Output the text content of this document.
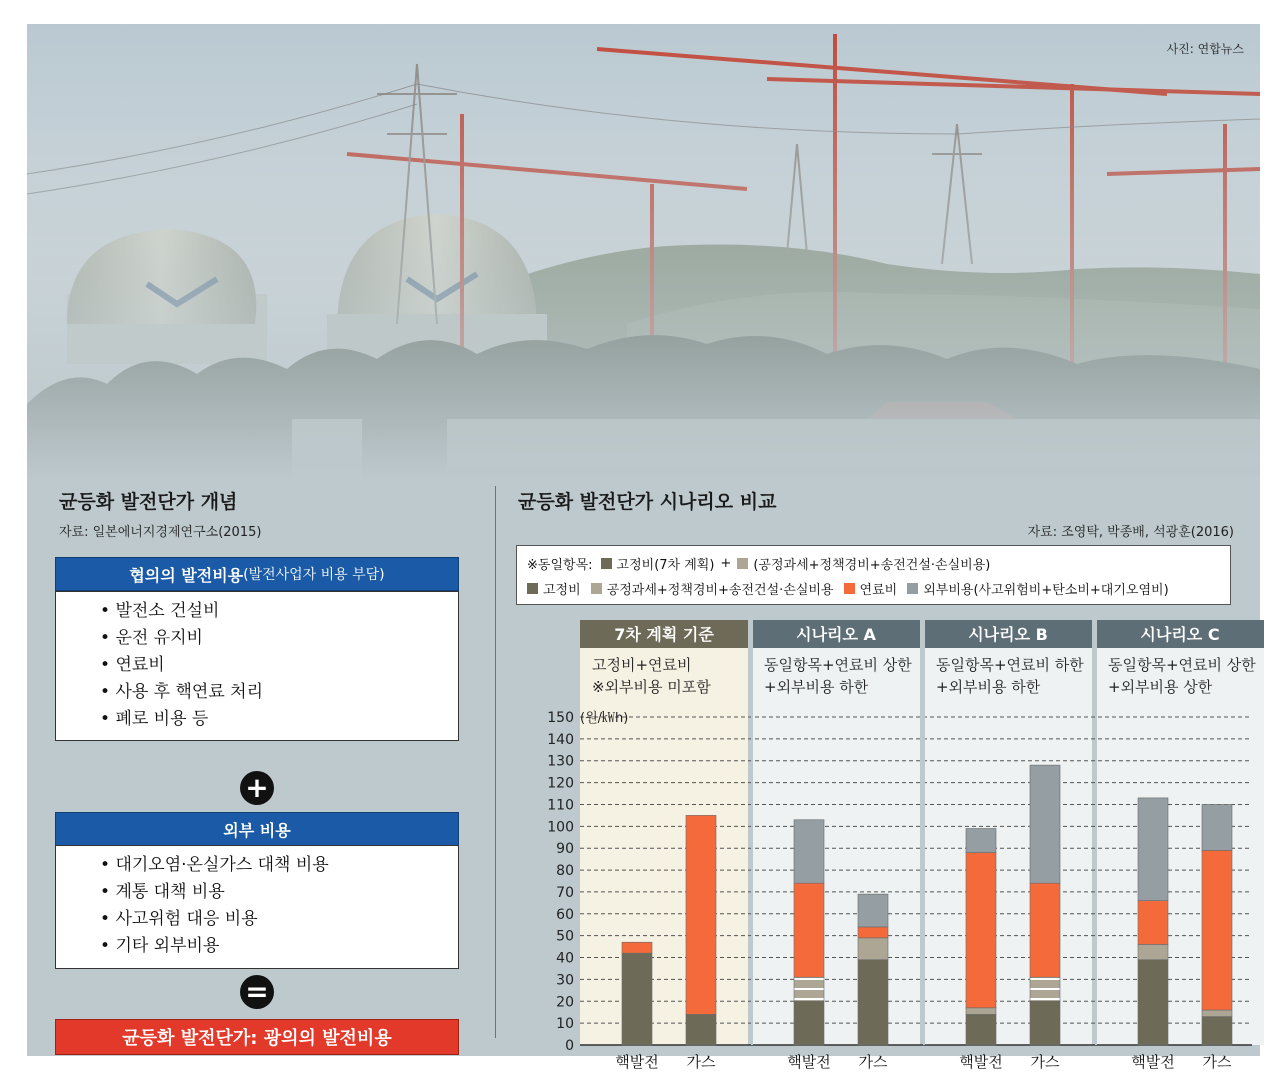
사진: 연합뉴스
균등화 발전단가 개념
자료: 일본에너지경제연구소(2015)
협의의 발전비용 (발전사업자 비용 부담)
• 발전소 건설비
• 운전 유지비
• 연료비
• 사용 후 핵연료 처리
• 폐로 비용 등
+
외부 비용
• 대기오염·온실가스 대책 비용
• 계통 대책 비용
• 사고위험 대응 비용
• 기타 외부비용
=
균등화 발전단가: 광의의 발전비용
균등화 발전단가 시나리오 비교
자료: 조영탁, 박종배, 석광훈(2016)
※동일항목: 고정비(7차 계획) + (공정과세+정책경비+송전건설·손실비용)
고정비 공정과세+정책경비+송전건설·손실비용 연료비 외부비용(사고위험비+탄소비+대기오염비)
7차 계획 기준
고정비+연료비
※외부비용 미포함
시나리오 A
동일항목+연료비 상한
+외부비용 하한
시나리오 B
동일항목+연료비 하한
+외부비용 하한
시나리오 C
동일항목+연료비 상한
+외부비용 상한
0
10
20
30
40
50
60
70
80
90
100
110
120
130
140
150 (원/㎾h)
핵발전 가스	핵발전 가스	핵발전 가스	핵발전 가스
